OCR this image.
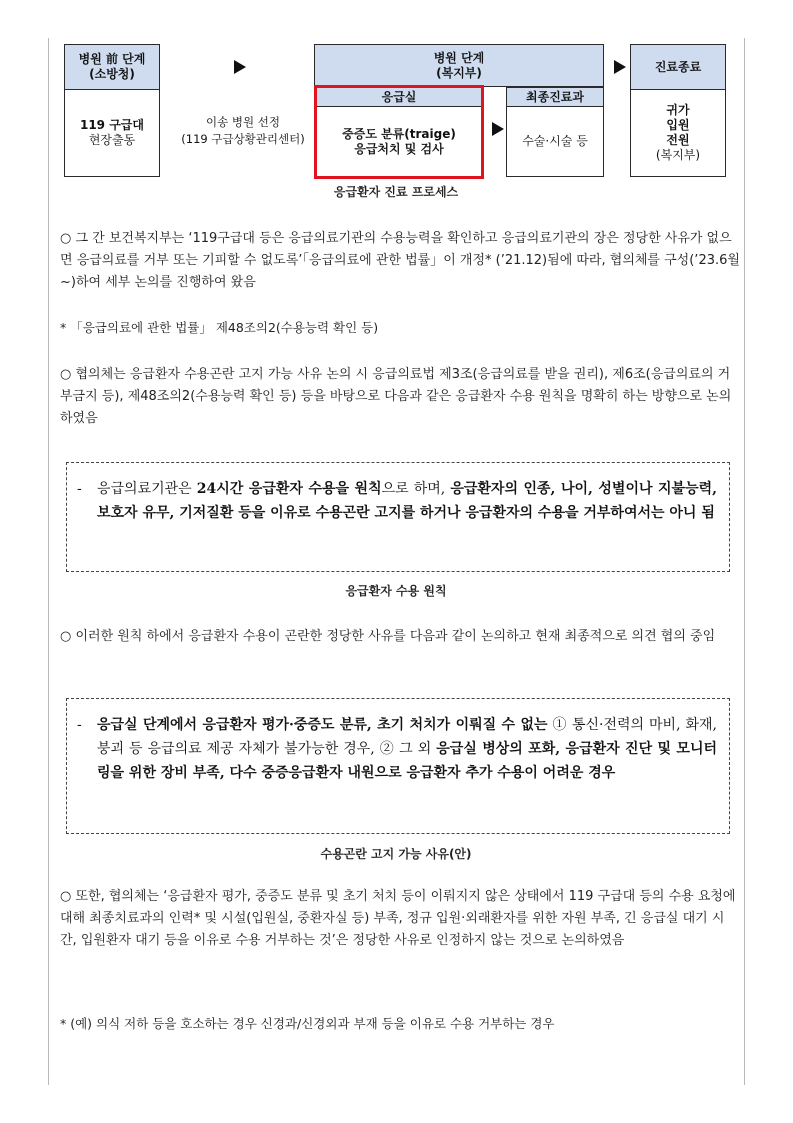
병원 前 단계
(소방청)
119 구급대
현장출동
이송 병원 선정
(119 구급상황관리센터)
병원 단계
(복지부)
응급실
중증도 분류(traige)
응급처치 및 검사
최종진료과
수술·시술 등
진료종료
귀가
입원
전원
(복지부)
응급환자 진료 프로세스
○ 그 간 보건복지부는 ‘119구급대 등은 응급의료기관의 수용능력을 확인하고 응급의료기관의 장은 정당한 사유가 없으면 응급의료를 거부 또는 기피할 수 없도록’「응급의료에 관한 법률」이 개정* (’21.12)됨에 따라, 협의체를 구성(’23.6월~)하여 세부 논의를 진행하여 왔음
* 「응급의료에 관한 법률」 제48조의2(수용능력 확인 등)
○ 협의체는 응급환자 수용곤란 고지 가능 사유 논의 시 응급의료법 제3조(응급의료를 받을 권리), 제6조(응급의료의 거부금지 등), 제48조의2(수용능력 확인 등) 등을 바탕으로 다음과 같은 응급환자 수용 원칙을 명확히 하는 방향으로 논의하였음
-	응급의료기관은 24시간 응급환자 수용을 원칙으로 하며, 응급환자의 인종, 나이, 성별이나 지불능력, 보호자 유무, 기저질환 등을 이유로 수용곤란 고지를 하거나 응급환자의 수용을 거부하여서는 아니 됨
응급환자 수용 원칙
○ 이러한 원칙 하에서 응급환자 수용이 곤란한 정당한 사유를 다음과 같이 논의하고 현재 최종적으로 의견 협의 중임
-	응급실 단계에서 응급환자 평가·중증도 분류, 초기 처치가 이뤄질 수 없는 ① 통신·전력의 마비, 화재, 붕괴 등 응급의료 제공 자체가 불가능한 경우, ② 그 외 응급실 병상의 포화, 응급환자 진단 및 모니터링을 위한 장비 부족, 다수 중증응급환자 내원으로 응급환자 추가 수용이 어려운 경우
수용곤란 고지 가능 사유(안)
○ 또한, 협의체는 ‘응급환자 평가, 중증도 분류 및 초기 처치 등이 이뤄지지 않은 상태에서 119 구급대 등의 수용 요청에 대해 최종치료과의 인력* 및 시설(입원실, 중환자실 등) 부족, 정규 입원·외래환자를 위한 자원 부족, 긴 응급실 대기 시간, 입원환자 대기 등을 이유로 수용 거부하는 것’은 정당한 사유로 인정하지 않는 것으로 논의하였음
* (예) 의식 저하 등을 호소하는 경우 신경과/신경외과 부재 등을 이유로 수용 거부하는 경우
